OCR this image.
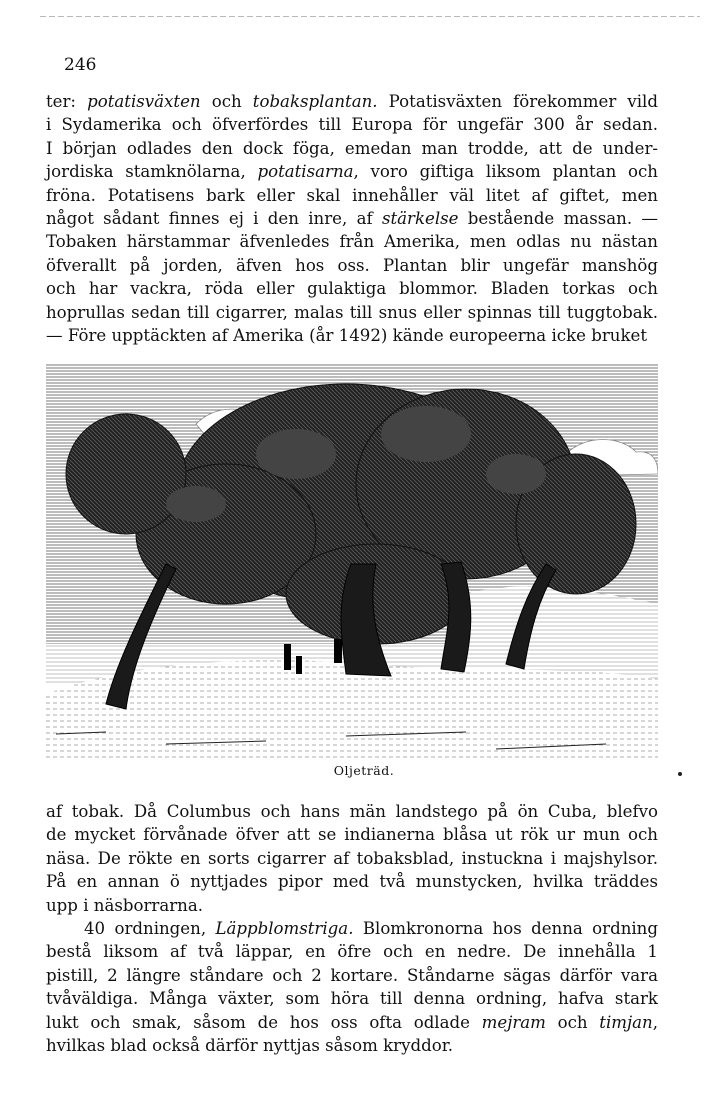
246
ter: potatisväxten och tobaksplantan. Potatisväxten förekommer vild
i Sydamerika och öfverfördes till Europa för ungefär 300 år sedan.
I början odlades den dock föga, emedan man trodde, att de under-
jordiska stamknölarna, potatisarna, voro giftiga liksom plantan och
fröna. Potatisens bark eller skal innehåller väl litet af giftet, men
något sådant finnes ej i den inre, af stärkelse bestående massan. —
Tobaken härstammar äfvenledes från Amerika, men odlas nu nästan
öfverallt på jorden, äfven hos oss. Plantan blir ungefär manshög
och har vackra, röda eller gulaktiga blommor. Bladen torkas och
hoprullas sedan till cigarrer, malas till snus eller spinnas till tuggtobak.
— Före upptäckten af Amerika (år 1492) kände europeerna icke bruket
Oljeträd.
af tobak. Då Columbus och hans män landstego på ön Cuba, blefvo
de mycket förvånade öfver att se indianerna blåsa ut rök ur mun och
näsa. De rökte en sorts cigarrer af tobaksblad, instuckna i majshylsor.
På en annan ö nyttjades pipor med två munstycken, hvilka träddes
upp i näsborrarna.
40 ordningen, Läppblomstriga. Blomkronorna hos denna ordning
bestå liksom af två läppar, en öfre och en nedre. De innehålla 1
pistill, 2 längre ståndare och 2 kortare. Ståndarne sägas därför vara
tvåväldiga. Många växter, som höra till denna ordning, hafva stark
lukt och smak, såsom de hos oss ofta odlade mejram och timjan,
hvilkas blad också därför nyttjas såsom kryddor.
